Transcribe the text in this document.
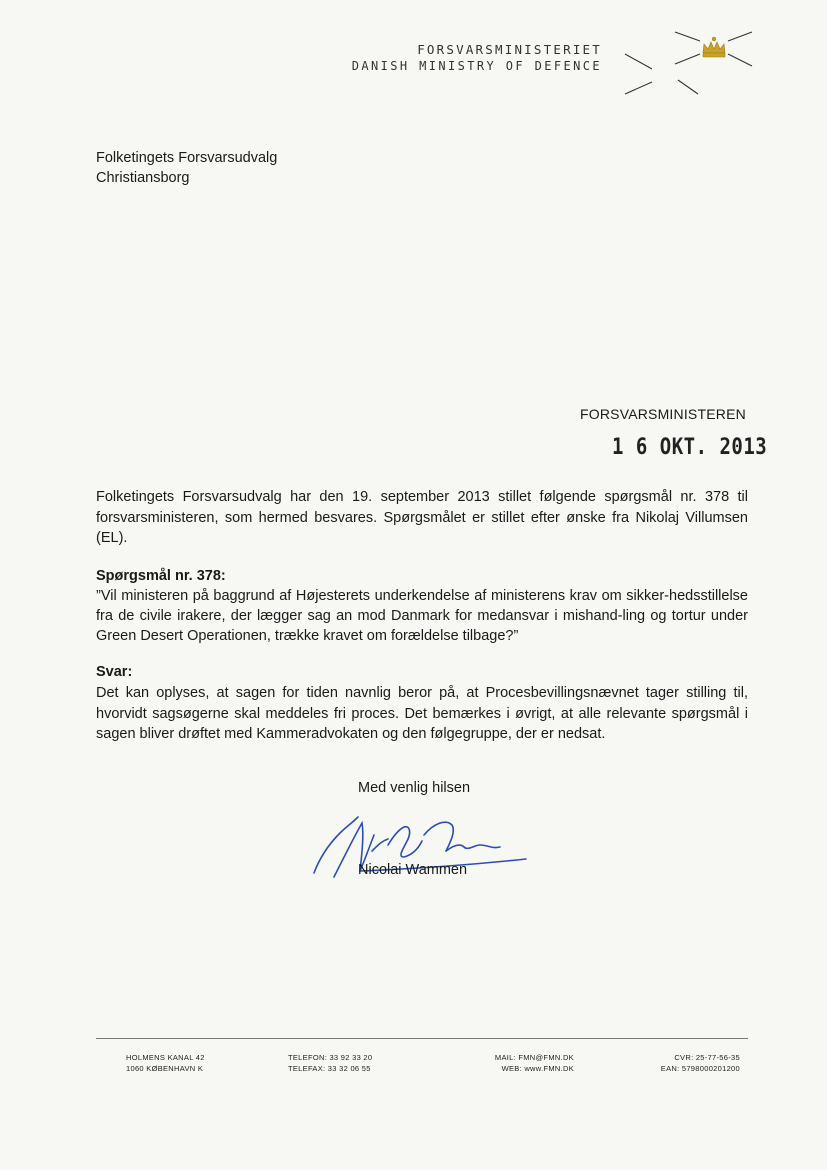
FORSVARSMINISTERIET
DANISH MINISTRY OF DEFENCE
Folketingets Forsvarsudvalg
Christiansborg
FORSVARSMINISTEREN
1 6 OKT. 2013
Folketingets Forsvarsudvalg har den 19. september 2013 stillet følgende spørgsmål nr. 378 til forsvarsministeren, som hermed besvares. Spørgsmålet er stillet efter ønske fra Nikolaj Villumsen (EL).
Spørgsmål nr. 378:
”Vil ministeren på baggrund af Højesterets underkendelse af ministerens krav om sikker-hedsstillelse fra de civile irakere, der lægger sag an mod Danmark for medansvar i mishand-ling og tortur under Green Desert Operationen, trække kravet om forældelse tilbage?”
Svar:
Det kan oplyses, at sagen for tiden navnlig beror på, at Procesbevillingsnævnet tager stilling til, hvorvidt sagsøgerne skal meddeles fri proces. Det bemærkes i øvrigt, at alle relevante spørgsmål i sagen bliver drøftet med Kammeradvokaten og den følgegruppe, der er nedsat.
Med venlig hilsen
Nicolai Wammen
HOLMENS KANAL 42
1060 KØBENHAVN K
TELEFON: 33 92 33 20
TELEFAX: 33 32 06 55
MAIL: FMN@FMN.DK
WEB: www.FMN.DK
CVR: 25-77-56-35
EAN: 5798000201200
